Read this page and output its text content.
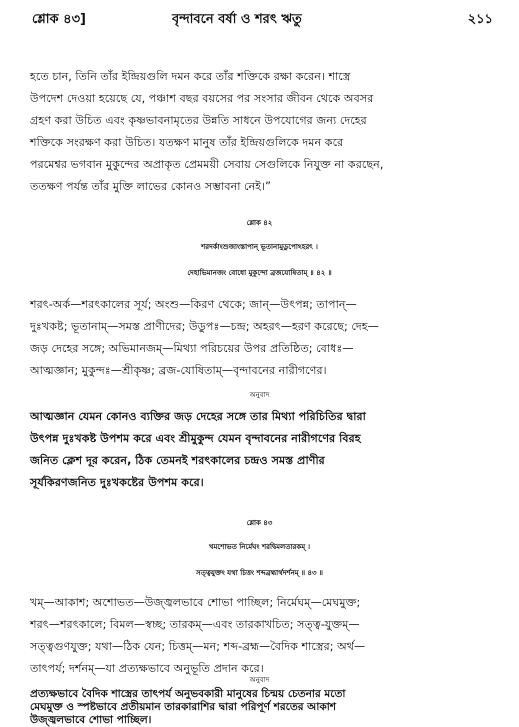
শ্লোক ৪৩]	বৃন্দাবনে বর্ষা ও শরৎ ঋতু	২১১
হতে চান, তিনি তাঁর ইন্দ্রিয়গুলি দমন করে তাঁর শক্তিকে রক্ষা করেন। শাস্ত্রে
উপদেশ দেওয়া হয়েছে যে, পঞ্চাশ বছর বয়সের পর সংসার জীবন থেকে অবসর
গ্রহণ করা উচিত এবং কৃষ্ণভাবনামৃতের উন্নতি সাধনে উপযোগের জন্য দেহের
শক্তিকে সংরক্ষণ করা উচিত। যতক্ষণ মানুষ তাঁর ইন্দ্রিয়গুলিকে দমন করে
পরমেশ্বর ভগবান মুকুন্দের অপ্রাকৃত প্রেমময়ী সেবায় সেগুলিকে নিযুক্ত না করছেন,
ততক্ষণ পর্যন্ত তাঁর মুক্তি লাভের কোনও সম্ভাবনা নেই।”
শ্লোক ৪২
শরদর্কাংশুজাংস্তাপান্‌ ভূতানামুডুপোঽহরৎ ।
দেহাভিমানজং বোধো মুকুন্দো ব্রজযোষিতাম্‌ ॥ ৪২ ॥
শরৎ-অর্ক—শরৎকালের সূর্য; অংশু—কিরণ থেকে; জান্‌—উৎপন্ন; তাপান্‌—
দুঃখকষ্ট; ভূতানাম্‌—সমস্ত প্রাণীদের; উডুপঃ—চন্দ্র; অহরৎ—হরণ করেছে; দেহ—
জড় দেহের সঙ্গে; অভিমানজম্‌—মিথ্যা পরিচয়ের উপর প্রতিষ্ঠিত; বোধঃ—
আত্মজ্ঞান; মুকুন্দঃ—শ্রীকৃষ্ণ; ব্রজ-যোষিতাম্‌—বৃন্দাবনের নারীগণের।
অনুবাদ
আত্মজ্ঞান যেমন কোনও ব্যক্তির জড় দেহের সঙ্গে তার মিথ্যা পরিচিতির দ্বারা
উৎপন্ন দুঃখকষ্ট উপশম করে এবং শ্রীমুকুন্দ যেমন বৃন্দাবনের নারীগণের বিরহ
জনিত ক্লেশ দূর করেন, ঠিক তেমনই শরৎকালের চন্দ্রও সমস্ত প্রাণীর
সূর্যকিরণজনিত দুঃখকষ্টের উপশম করে।
শ্লোক ৪৩
খমশোভত নির্মেঘং শরদ্বিমলতারকম্‌ ।
সত্ত্বযুক্তং যথা চিত্তং শব্দব্রহ্মার্থদর্শনম্‌ ॥ ৪৩ ॥
খম্‌—আকাশ; অশোভত—উজ্জ্বলভাবে শোভা পাচ্ছিল; নির্মেঘম্‌—মেঘমুক্ত;
শরৎ—শরৎকালে; বিমল—স্বচ্ছ; তারকম্‌—এবং তারকাখচিত; সত্ত্ব-যুক্তম্‌—
সত্ত্বগুণযুক্ত; যথা—ঠিক যেন; চিত্তম্‌—মন; শব্দ-ব্রহ্ম—বৈদিক শাস্ত্রের; অর্থ—
তাৎপর্য; দর্শনম্‌—যা প্রত্যক্ষভাবে অনুভূতি প্রদান করে।
অনুবাদ
প্রত্যক্ষভাবে বৈদিক শাস্ত্রের তাৎপর্য অনুভবকারী মানুষের চিন্ময় চেতনার মতো
মেঘমুক্ত ও স্পষ্টভাবে প্রতীয়মান তারকারাশির দ্বারা পরিপূর্ণ শরতের আকাশ
উজ্জ্বলভাবে শোভা পাচ্ছিল।
